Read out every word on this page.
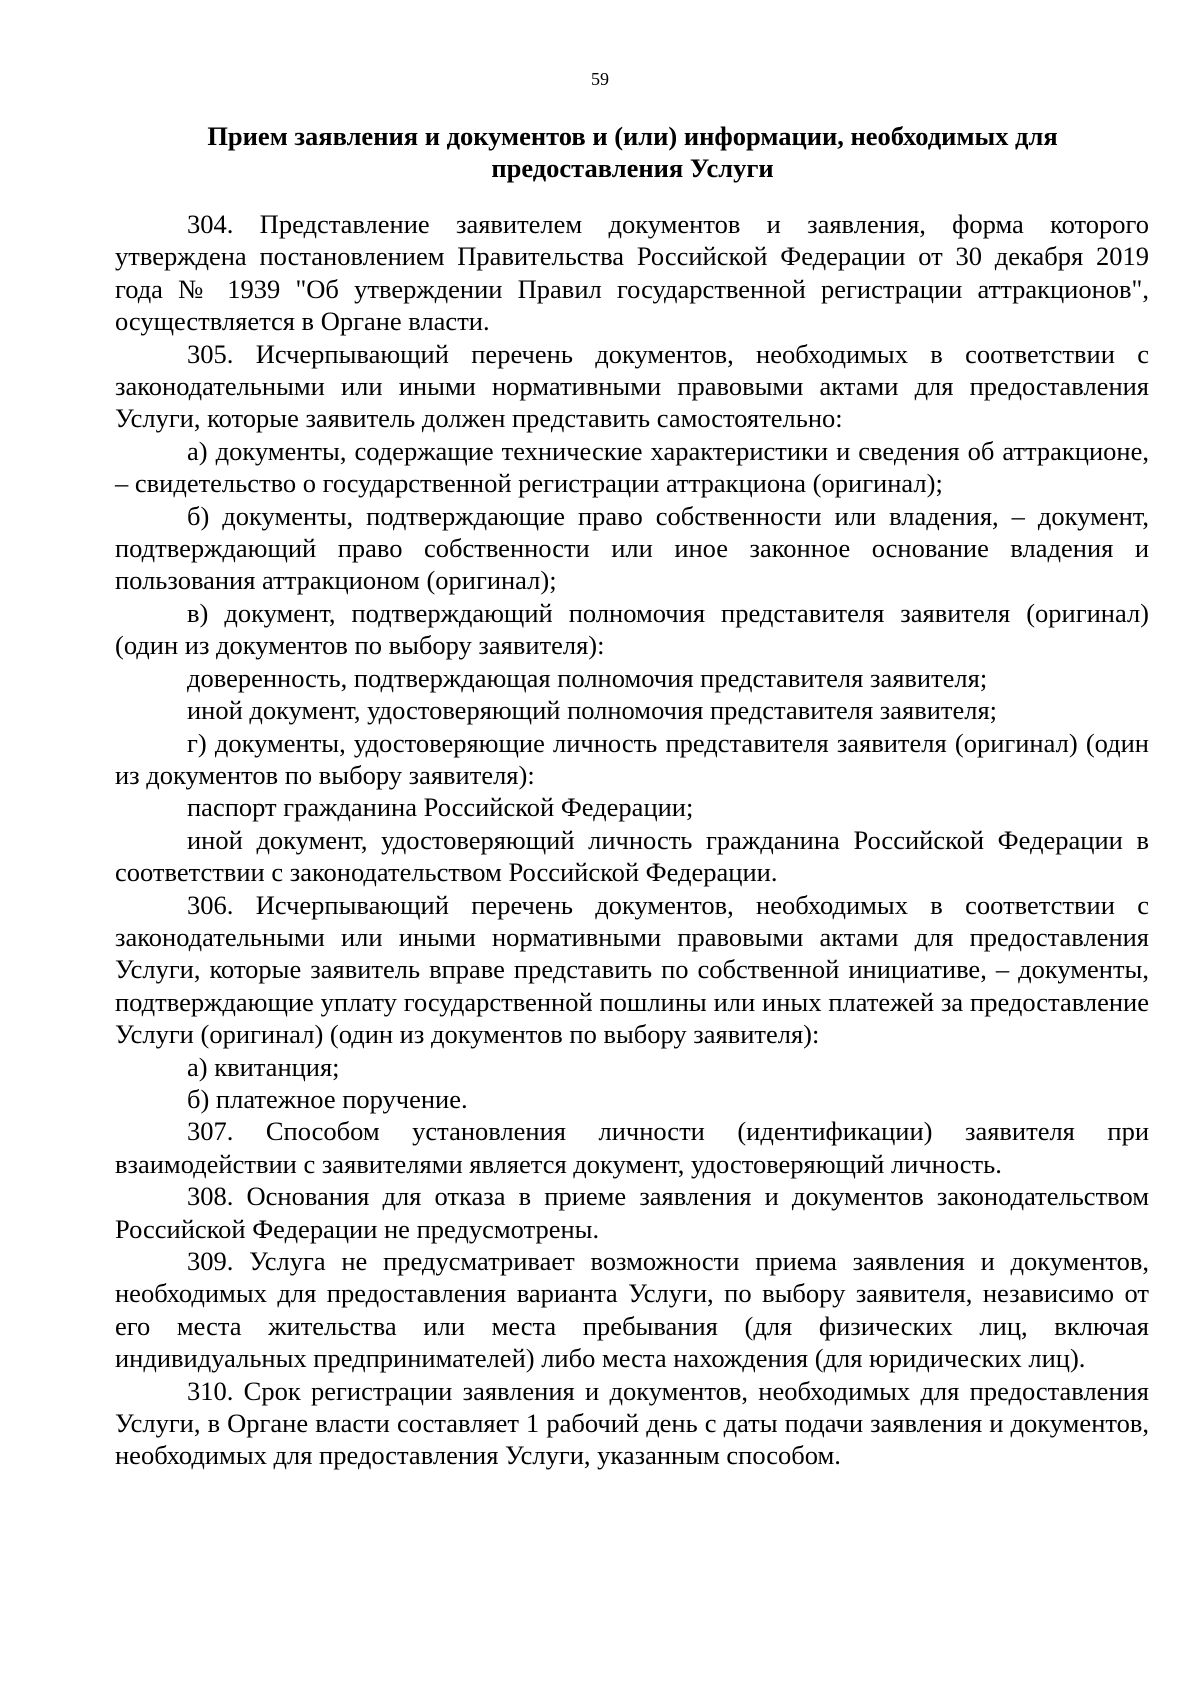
59
Прием заявления и документов и (или) информации, необходимых для
предоставления Услуги

304. Представление заявителем документов и заявления, форма которого утверждена постановлением Правительства Российской Федерации от 30 декабря 2019 года № 1939 "Об утверждении Правил государственной регистрации аттракционов", осуществляется в Органе власти.

305. Исчерпывающий перечень документов, необходимых в соответствии с законодательными или иными нормативными правовыми актами для предоставления Услуги, которые заявитель должен представить самостоятельно:

а) документы, содержащие технические характеристики и сведения об аттракционе, – свидетельство о государственной регистрации аттракциона (оригинал);

б) документы, подтверждающие право собственности или владения, – документ, подтверждающий право собственности или иное законное основание владения и пользования аттракционом (оригинал);

в) документ, подтверждающий полномочия представителя заявителя (оригинал) (один из документов по выбору заявителя):

доверенность, подтверждающая полномочия представителя заявителя;

иной документ, удостоверяющий полномочия представителя заявителя;

г) документы, удостоверяющие личность представителя заявителя (оригинал) (один из документов по выбору заявителя):

паспорт гражданина Российской Федерации;

иной документ, удостоверяющий личность гражданина Российской Федерации в соответствии с законодательством Российской Федерации.

306. Исчерпывающий перечень документов, необходимых в соответствии с законодательными или иными нормативными правовыми актами для предоставления Услуги, которые заявитель вправе представить по собственной инициативе, – документы, подтверждающие уплату государственной пошлины или иных платежей за предоставление Услуги (оригинал) (один из документов по выбору заявителя):

а) квитанция;

б) платежное поручение.

307. Способом установления личности (идентификации) заявителя при взаимодействии с заявителями является документ, удостоверяющий личность.

308. Основания для отказа в приеме заявления и документов законодательством Российской Федерации не предусмотрены.

309. Услуга не предусматривает возможности приема заявления и документов, необходимых для предоставления варианта Услуги, по выбору заявителя, независимо от его места жительства или места пребывания (для физических лиц, включая индивидуальных предпринимателей) либо места нахождения (для юридических лиц).

310. Срок регистрации заявления и документов, необходимых для предоставления Услуги, в Органе власти составляет 1 рабочий день с даты подачи заявления и документов, необходимых для предоставления Услуги, указанным способом.
